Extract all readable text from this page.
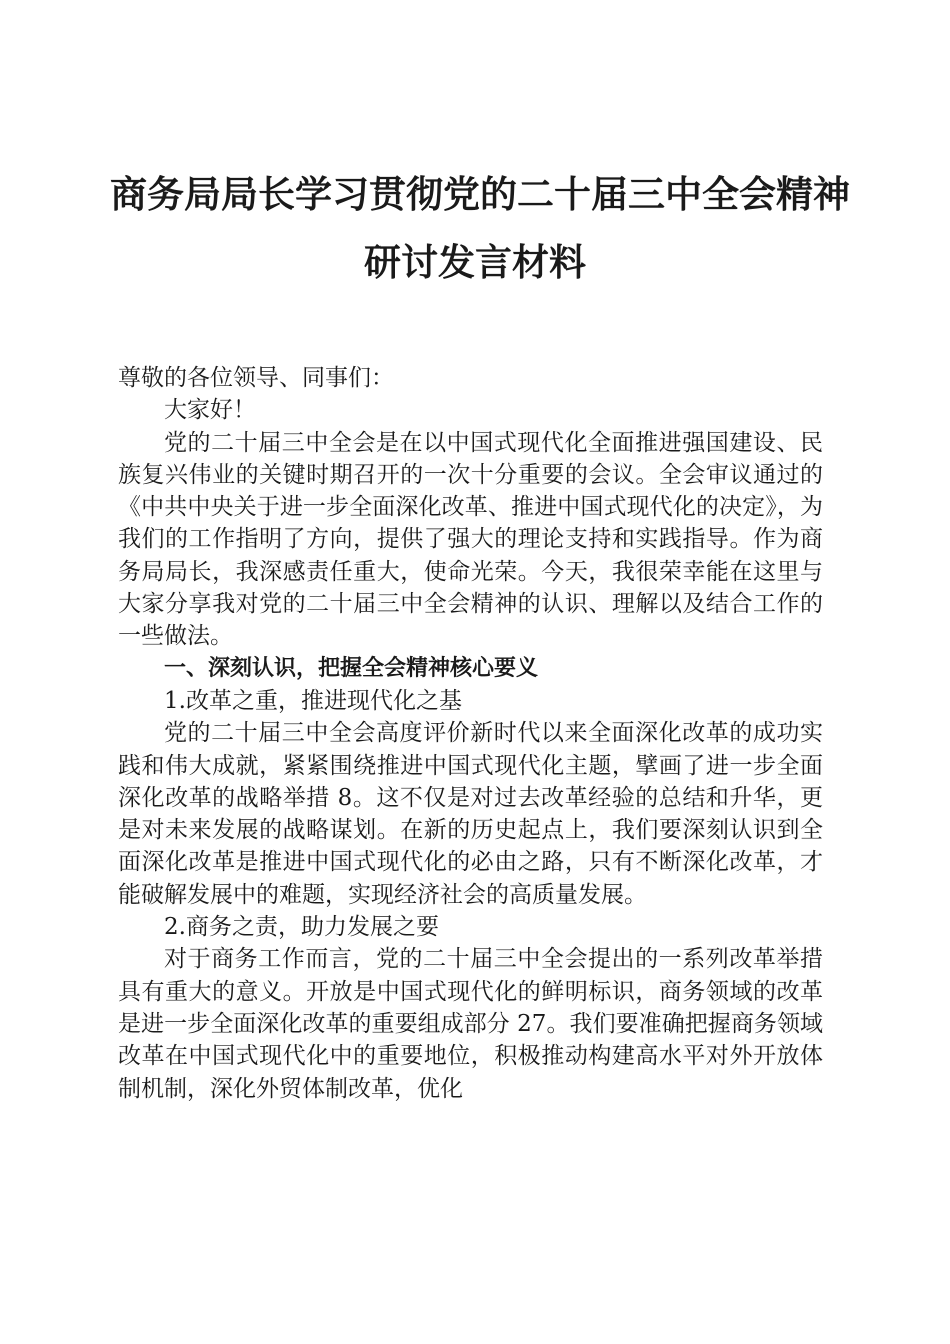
商务局局长学习贯彻党的二十届三中全会精神
研讨发言材料

尊敬的各位领导、同事们：

大家好！

党的二十届三中全会是在以中国式现代化全面推进强国建设、民族复兴伟业的关键时期召开的一次十分重要的会议。全会审议通过的《中共中央关于进一步全面深化改革、推进中国式现代化的决定》，为我们的工作指明了方向，提供了强大的理论支持和实践指导。作为商务局局长，我深感责任重大，使命光荣。今天，我很荣幸能在这里与大家分享我对党的二十届三中全会精神的认识、理解以及结合工作的一些做法。

一、深刻认识，把握全会精神核心要义

1.改革之重，推进现代化之基

党的二十届三中全会高度评价新时代以来全面深化改革的成功实践和伟大成就，紧紧围绕推进中国式现代化主题，擘画了进一步全面深化改革的战略举措 8。这不仅是对过去改革经验的总结和升华，更是对未来发展的战略谋划。在新的历史起点上，我们要深刻认识到全面深化改革是推进中国式现代化的必由之路，只有不断深化改革，才能破解发展中的难题，实现经济社会的高质量发展。

2.商务之责，助力发展之要

对于商务工作而言，党的二十届三中全会提出的一系列改革举措具有重大的意义。开放是中国式现代化的鲜明标识，商务领域的改革是进一步全面深化改革的重要组成部分 27。我们要准确把握商务领域改革在中国式现代化中的重要地位，积极推动构建高水平对外开放体制机制，深化外贸体制改革，优化
